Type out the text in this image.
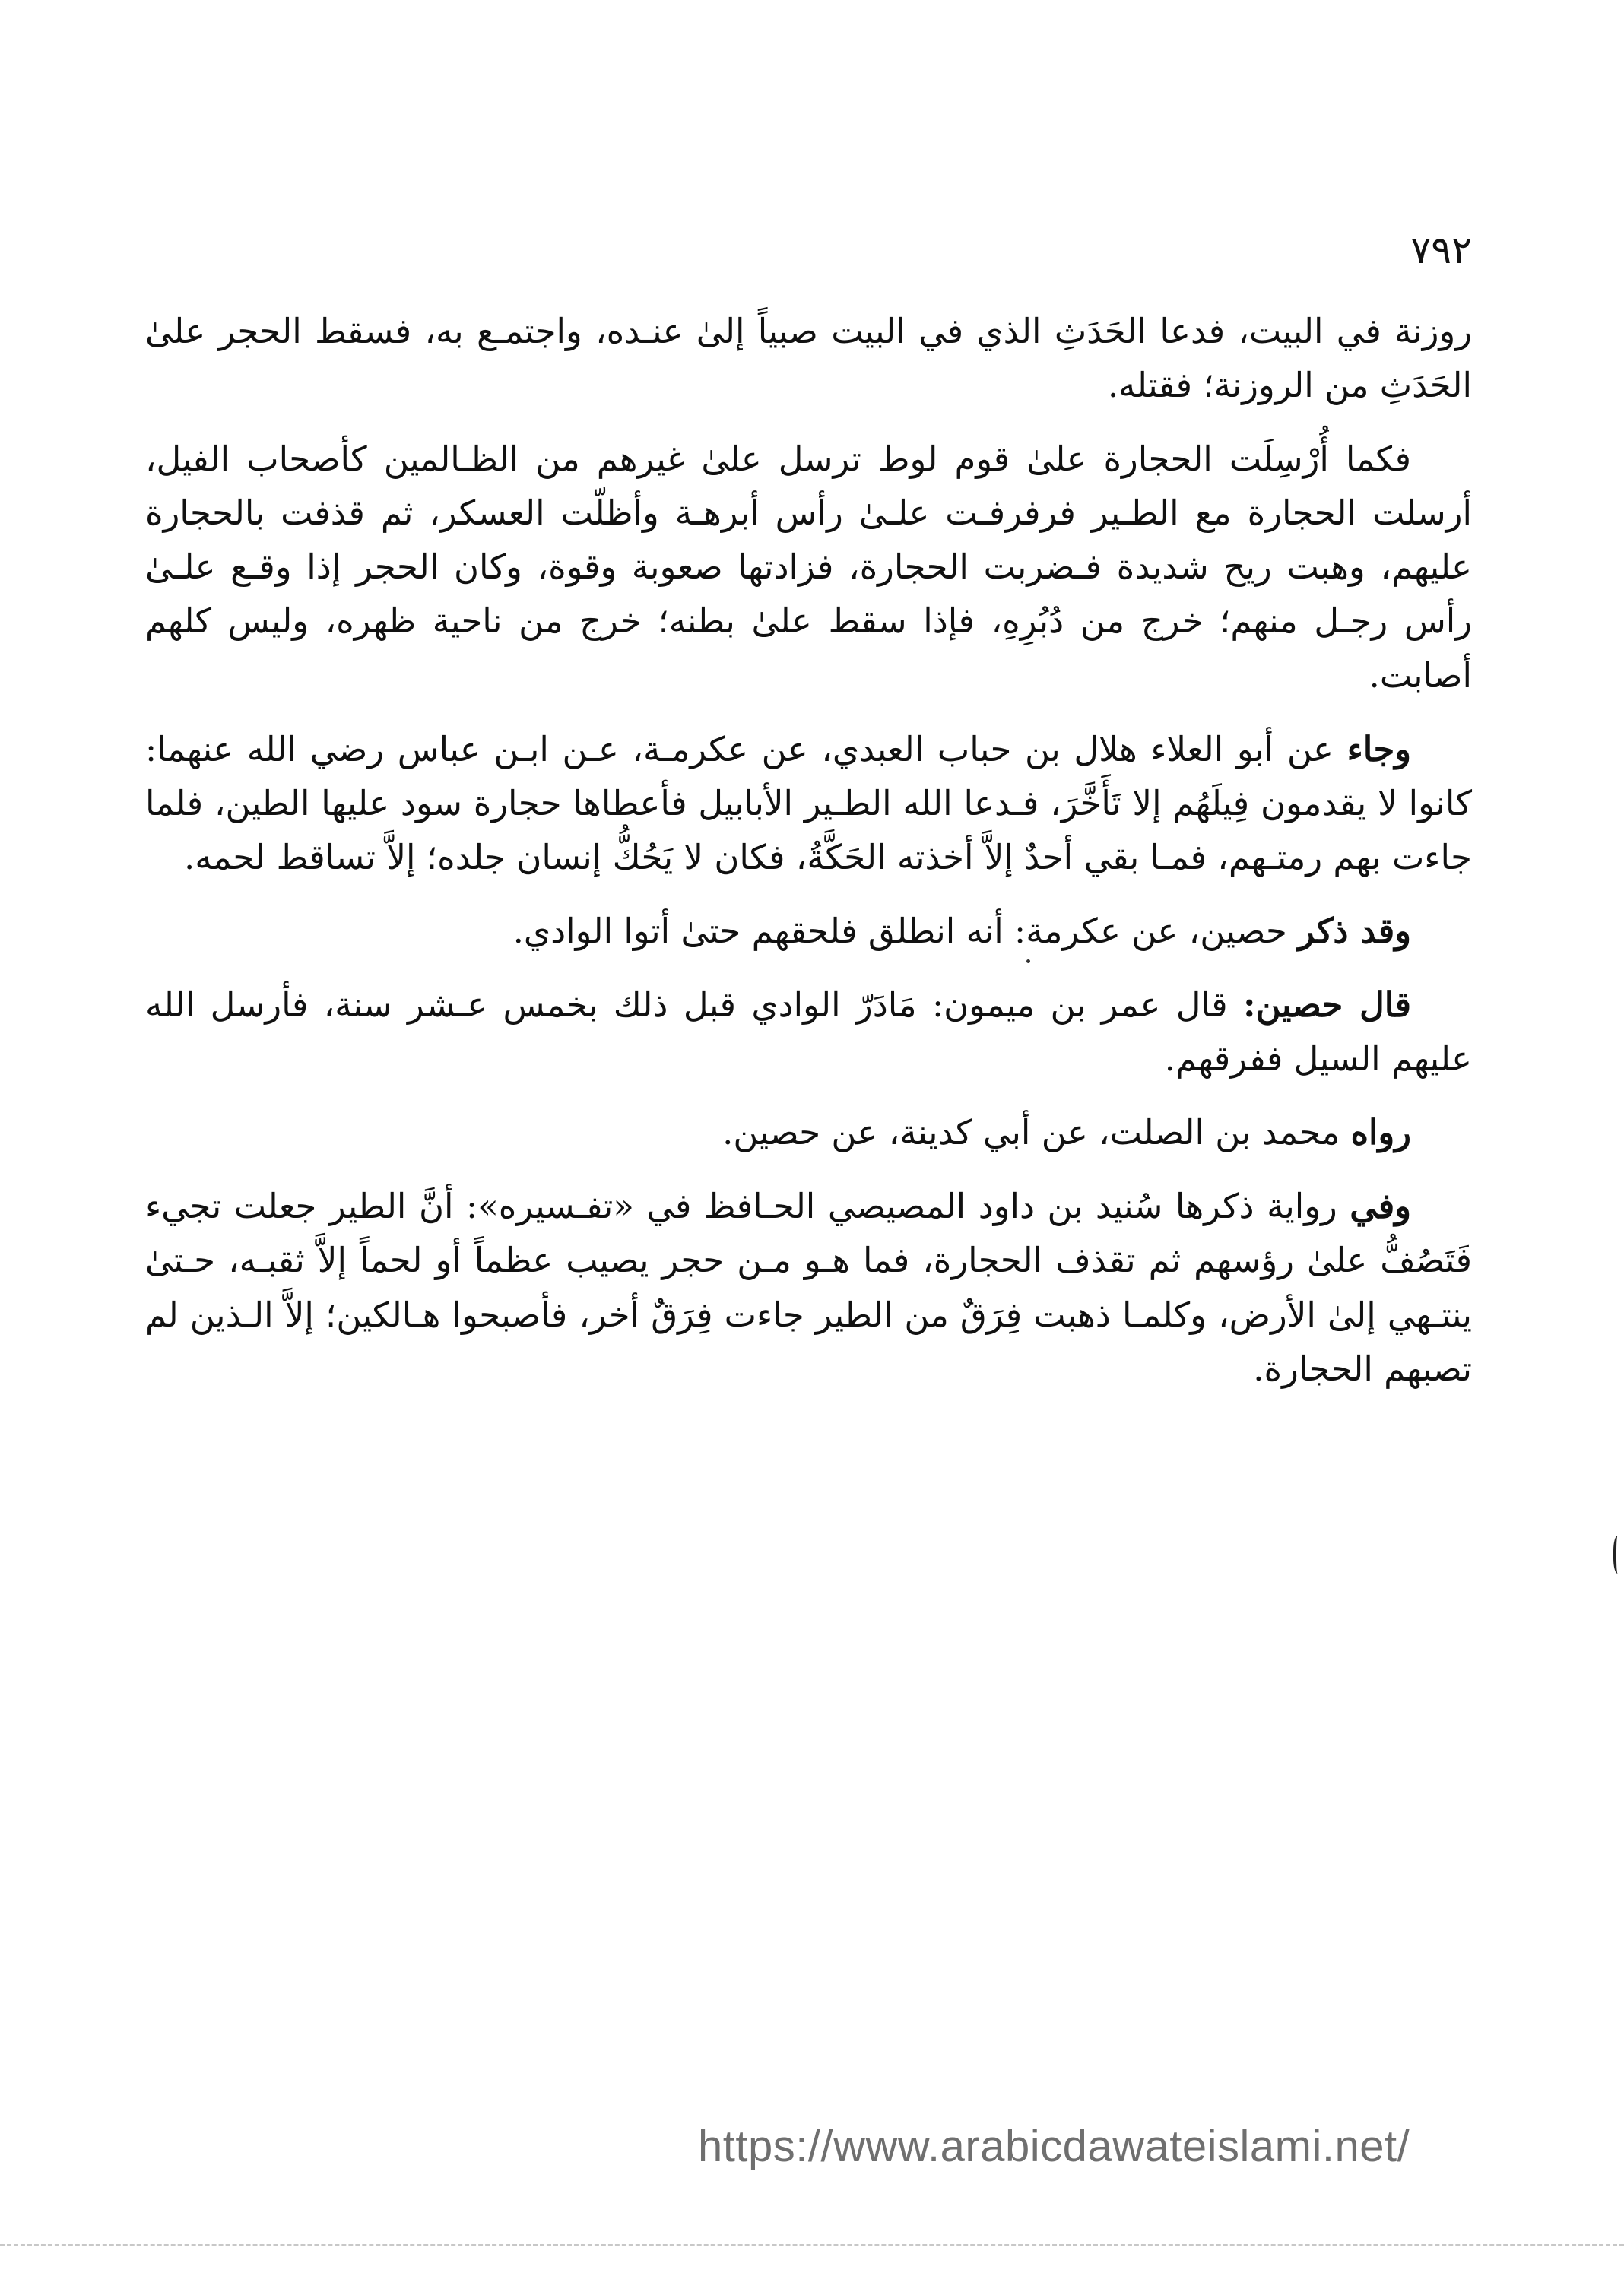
٧٩٢

روزنة في البيت، فدعا الحَدَثِ الذي في البيت صبياً إلىٰ عنـده، واجتمـع به، فسقط الحجر علىٰ الحَدَثِ من الروزنة؛ فقتله.

فكما أُرْسِلَت الحجارة علىٰ قوم لوط ترسل علىٰ غيرهم من الظـالمين كأصحاب الفيل، أرسلت الحجارة مع الطـير فرفرفـت علـىٰ رأس أبرهـة وأظلّت العسكر، ثم قذفت بالحجارة عليهم، وهبت ريح شديدة فـضربت الحجارة، فزادتها صعوبة وقوة، وكان الحجر إذا وقـع علـىٰ رأس رجـل منهم؛ خرج من دُبُرِهِ، فإذا سقط علىٰ بطنه؛ خرج من ناحية ظهره، وليس كلهم أصابت.

وجاء عن أبو العلاء هلال بن حباب العبدي، عن عكرمـة، عـن ابـن عباس رضي الله عنهما: كانوا لا يقدمون فِيلَهُم إلا تَأَخَّرَ، فـدعا الله الطـير الأبابيل فأعطاها حجارة سود عليها الطين، فلما جاءت بهم رمتـهم، فمـا بقي أحدٌ إلاَّ أخذته الحَكَّةُ، فكان لا يَحُكُّ إنسان جلده؛ إلاَّ تساقط لحمه.

وقد ذكر حصين، عن عكرمة: أنه انطلق فلحقهم حتىٰ أتوا الوادي.

قال حصين: قال عمر بن ميمون: مَادَرّ الوادي قبل ذلك بخمس عـشر سنة، فأرسل الله عليهم السيل ففرقهم.

رواه محمد بن الصلت، عن أبي كدينة، عن حصين.

وفي رواية ذكرها سُنيد بن داود المصيصي الحـافظ في «تفـسيره»: أنَّ الطير جعلت تجيء فَتَصُفُّ علىٰ رؤسهم ثم تقذف الحجارة، فما هـو مـن حجر يصيب عظماً أو لحماً إلاَّ ثقبـه، حـتىٰ ينتـهي إلىٰ الأرض، وكلمـا ذهبت فِرَقٌ من الطير جاءت فِرَقٌ أخر، فأصبحوا هـالكين؛ إلاَّ الـذين لم تصبهم الحجارة.

https://www.arabicdawateislami.net/
